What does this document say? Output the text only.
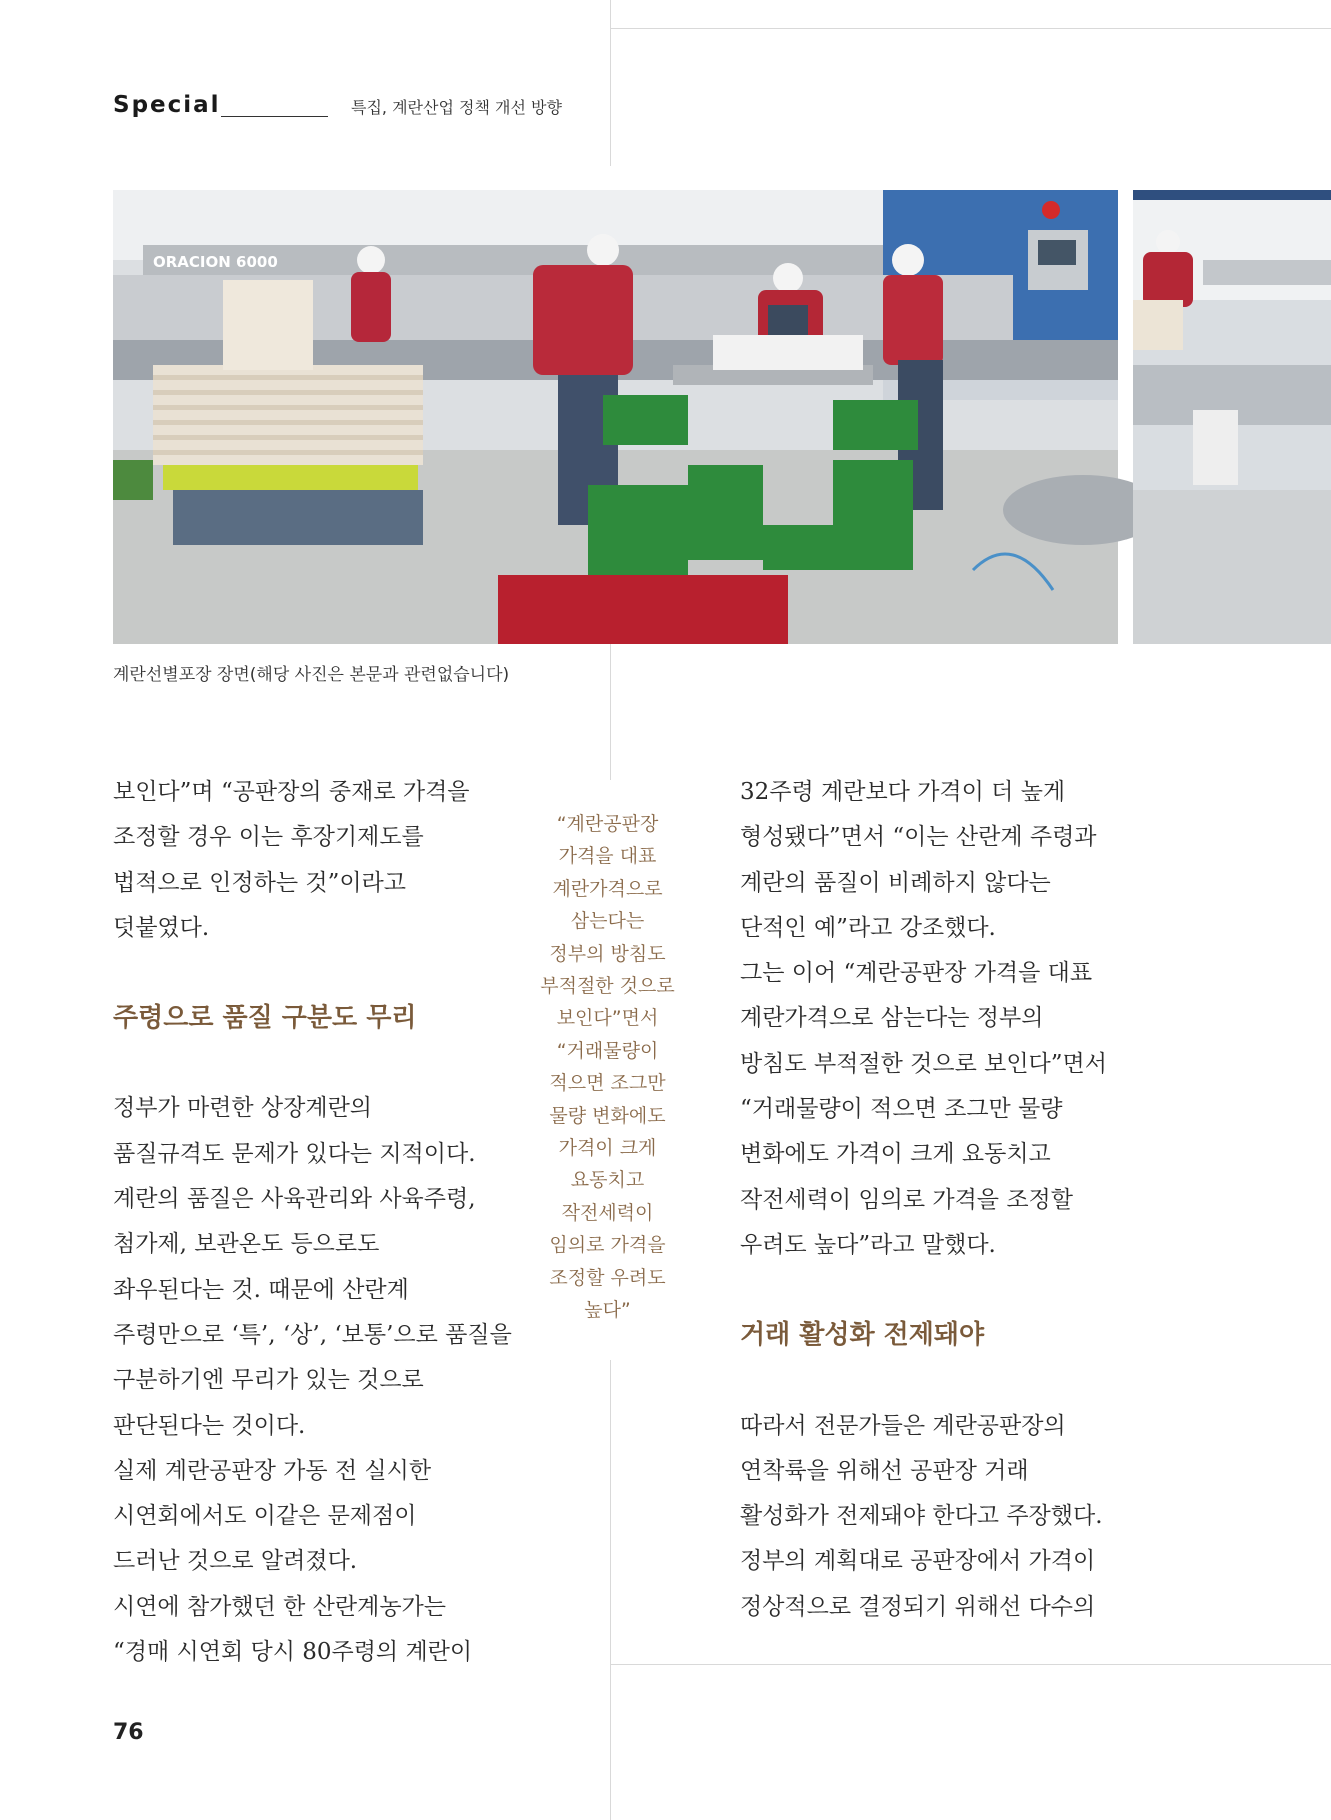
Special	특집, 계란산업 정책 개선 방향
ORACION 6000
계란선별포장 장면(해당 사진은 본문과 관련없습니다)

보인다”며 “공판장의 중재로 가격을

조정할 경우 이는 후장기제도를

법적으로 인정하는 것”이라고

덧붙였다.

주령으로 품질 구분도 무리

정부가 마련한 상장계란의

품질규격도 문제가 있다는 지적이다.

계란의 품질은 사육관리와 사육주령,

첨가제, 보관온도 등으로도

좌우된다는 것. 때문에 산란계

주령만으로 ‘특’, ‘상’, ‘보통’으로 품질을

구분하기엔 무리가 있는 것으로

판단된다는 것이다.

실제 계란공판장 가동 전 실시한

시연회에서도 이같은 문제점이

드러난 것으로 알려졌다.

시연에 참가했던 한 산란계농가는

“경매 시연회 당시 80주령의 계란이

“계란공판장
가격을 대표
계란가격으로
삼는다는
정부의 방침도
부적절한 것으로
보인다”면서
“거래물량이
적으면 조그만
물량 변화에도
가격이 크게
요동치고
작전세력이
임의로 가격을
조정할 우려도
높다”

32주령 계란보다 가격이 더 높게

형성됐다”면서 “이는 산란계 주령과

계란의 품질이 비례하지 않다는

단적인 예”라고 강조했다.

그는 이어 “계란공판장 가격을 대표

계란가격으로 삼는다는 정부의

방침도 부적절한 것으로 보인다”면서

“거래물량이 적으면 조그만 물량

변화에도 가격이 크게 요동치고

작전세력이 임의로 가격을 조정할

우려도 높다”라고 말했다.

거래 활성화 전제돼야

따라서 전문가들은 계란공판장의

연착륙을 위해선 공판장 거래

활성화가 전제돼야 한다고 주장했다.

정부의 계획대로 공판장에서 가격이

정상적으로 결정되기 위해선 다수의

76
